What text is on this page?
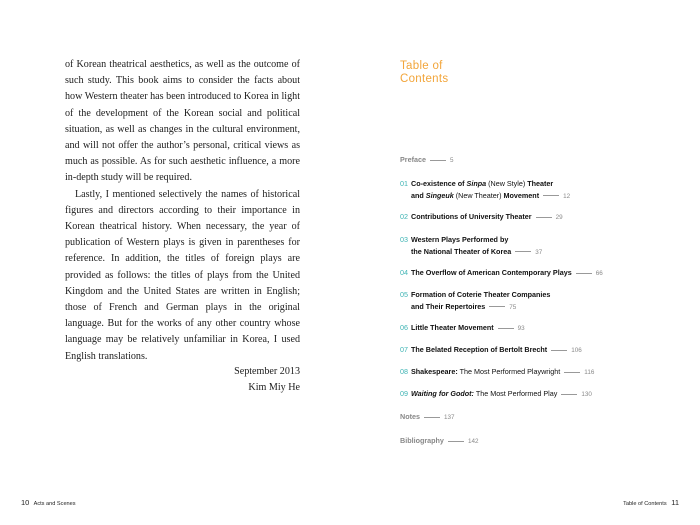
of Korean theatrical aesthetics, as well as the outcome of such study. This book aims to consider the facts about how Western theater has been introduced to Korea in light of the development of the Korean social and political situation, as well as changes in the cultural environment, and will not offer the author’s personal, critical views as much as possible. As for such aesthetic influence, a more in-depth study will be required.

Lastly, I mentioned selectively the names of historical figures and directors according to their importance in Korean theatrical history. When necessary, the year of publication of Western plays is given in parentheses for reference. In addition, the titles of foreign plays are provided as follows: the titles of plays from the United Kingdom and the United States are written in English; those of French and German plays in the original language. But for the works of any other country whose language may be relatively unfamiliar in Korea, I used English translations.

September 2013
Kim Miy He
10 Acts and Scenes
Table of
Contents
Preface	5
01 Co-existence of Sinpa (New Style) Theater
and Singeuk (New Theater) Movement	12
02 Contributions of University Theater	29
03 Western Plays Performed by
the National Theater of Korea	37
04 The Overflow of American Contemporary Plays	66
05 Formation of Coterie Theater Companies
and Their Repertoires	75
06 Little Theater Movement	93
07 The Belated Reception of Bertolt Brecht	106
08 Shakespeare: The Most Performed Playwright	116
09 Waiting for Godot: The Most Performed Play	130
Notes	137
Bibliography	142
Table of Contents 11
